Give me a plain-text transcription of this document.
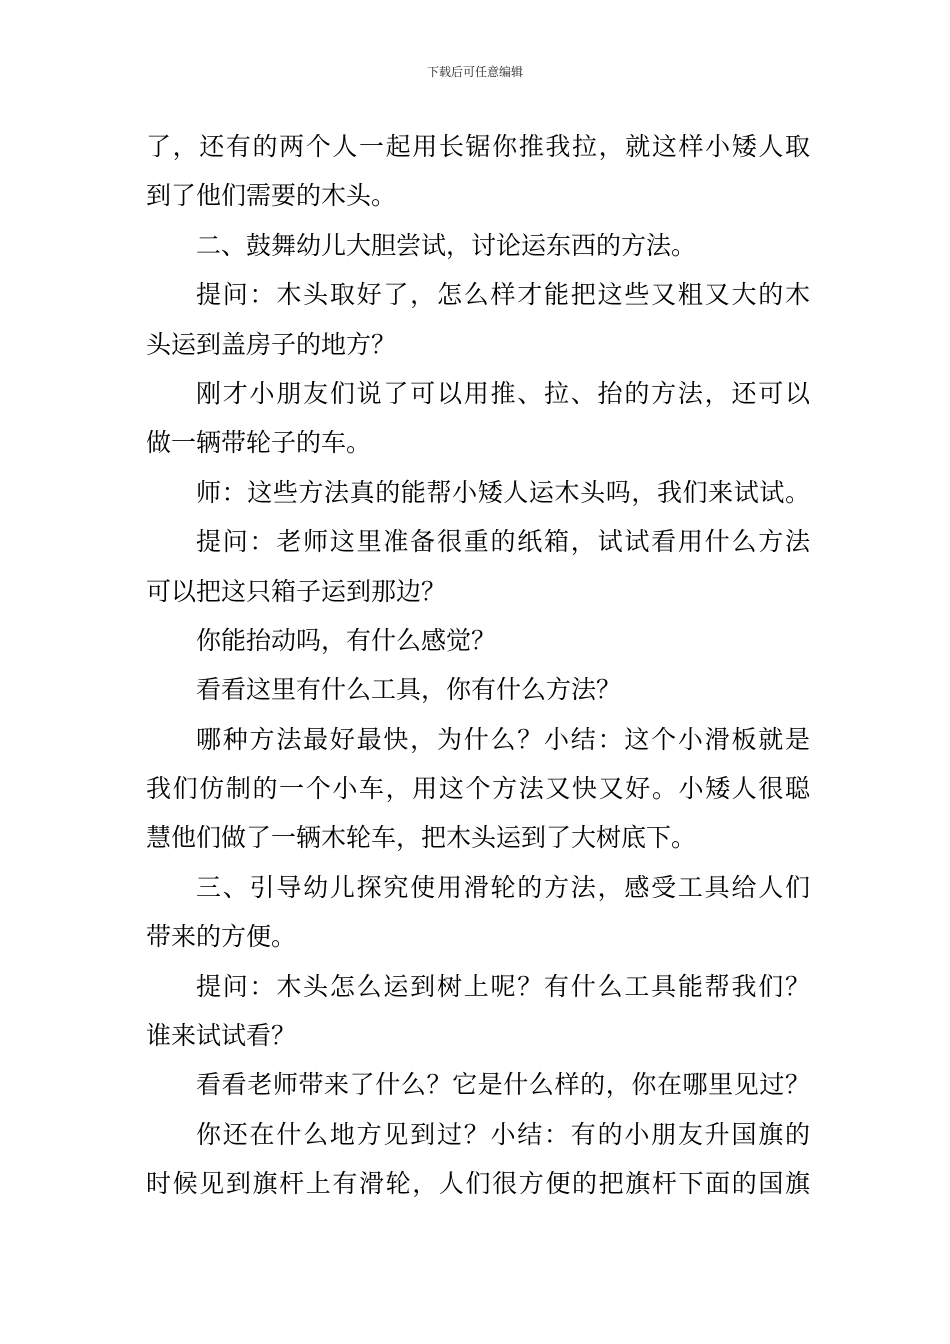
下载后可任意编辑
了，还有的两个人一起用长锯你推我拉，就这样小矮人取
到了他们需要的木头。
二、鼓舞幼儿大胆尝试，讨论运东西的方法。
提问：木头取好了，怎么样才能把这些又粗又大的木
头运到盖房子的地方？
刚才小朋友们说了可以用推、拉、抬的方法，还可以
做一辆带轮子的车。
师：这些方法真的能帮小矮人运木头吗，我们来试试。
提问：老师这里准备很重的纸箱，试试看用什么方法
可以把这只箱子运到那边？
你能抬动吗，有什么感觉？
看看这里有什么工具，你有什么方法？
哪种方法最好最快，为什么？小结：这个小滑板就是
我们仿制的一个小车，用这个方法又快又好。小矮人很聪
慧他们做了一辆木轮车，把木头运到了大树底下。
三、引导幼儿探究使用滑轮的方法，感受工具给人们
带来的方便。
提问：木头怎么运到树上呢？有什么工具能帮我们？
谁来试试看？
看看老师带来了什么？它是什么样的，你在哪里见过？
你还在什么地方见到过？小结：有的小朋友升国旗的
时候见到旗杆上有滑轮，人们很方便的把旗杆下面的国旗
